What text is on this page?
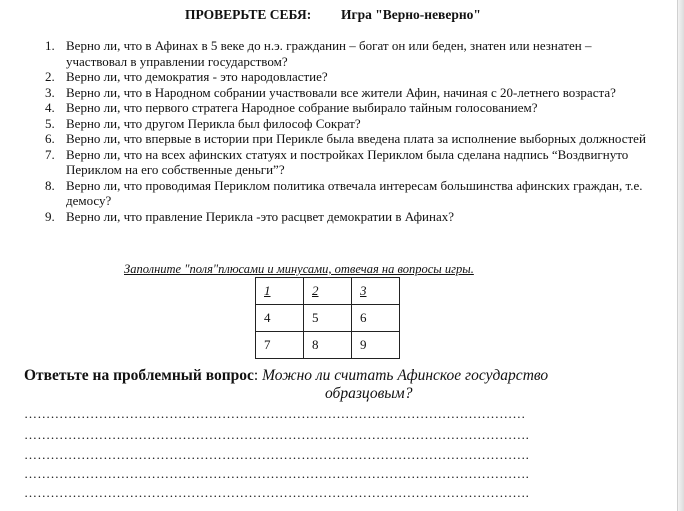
ПРОВЕРЬТЕ СЕБЯ: Игра "Верно-неверно"
1. Верно ли, что в Афинах в 5 веке до н.э. гражданин – богат он или беден, знатен или незнатен – участвовал в управлении государством?
2. Верно ли, что демократия - это народовластие?
3. Верно ли, что в Народном собрании участвовали все жители Афин, начиная с 20-летнего возраста?
4. Верно ли, что первого стратега Народное собрание выбирало тайным голосованием?
5. Верно ли, что другом Перикла был философ Сократ?
6. Верно ли, что впервые в истории при Перикле была введена плата за исполнение выборных должностей
7. Верно ли, что на всех афинских статуях и постройках Периклом была сделана надпись “Воздвигнуто Периклом на его собственные деньги”?
8. Верно ли, что проводимая Периклом политика отвечала интересам большинства афинских граждан, т.е. демосу?
9. Верно ли, что правление Перикла -это расцвет демократии в Афинах?
Заполните "поля"плюсами и минусами, отвечая на вопросы игры.
1	2	3
4	5	6
7	8	9
Ответьте на проблемный вопрос: Можно ли считать Афинское государство
образцовым?
……………………………………………………………………………………………………
…………………………………………………………………………………………………….
…………………………………………………………………………………………………….
…………………………………………………………………………………………………….
…………………………………………………………………………………………………….
